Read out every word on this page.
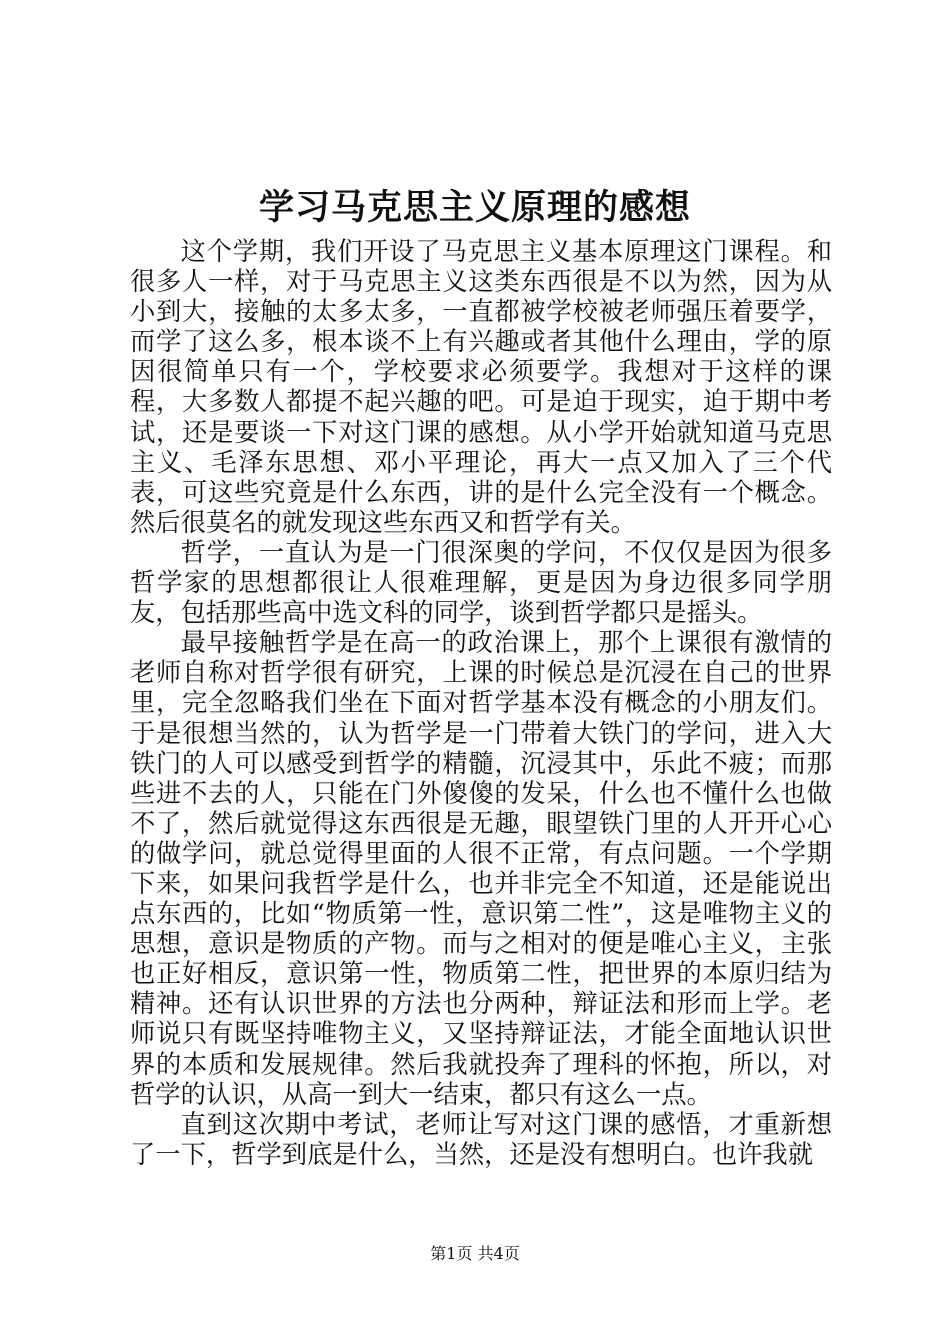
学习马克思主义原理的感想

这个学期，我们开设了马克思主义基本原理这门课程。和很多人一样，对于马克思主义这类东西很是不以为然，因为从小到大，接触的太多太多，一直都被学校被老师强压着要学，而学了这么多，根本谈不上有兴趣或者其他什么理由，学的原因很简单只有一个，学校要求必须要学。我想对于这样的课程，大多数人都提不起兴趣的吧。可是迫于现实，迫于期中考试，还是要谈一下对这门课的感想。从小学开始就知道马克思主义、毛泽东思想、邓小平理论，再大一点又加入了三个代表，可这些究竟是什么东西，讲的是什么完全没有一个概念。然后很莫名的就发现这些东西又和哲学有关。

哲学，一直认为是一门很深奥的学问，不仅仅是因为很多哲学家的思想都很让人很难理解，更是因为身边很多同学朋友，包括那些高中选文科的同学，谈到哲学都只是摇头。

最早接触哲学是在高一的政治课上，那个上课很有激情的老师自称对哲学很有研究，上课的时候总是沉浸在自己的世界里，完全忽略我们坐在下面对哲学基本没有概念的小朋友们。于是很想当然的，认为哲学是一门带着大铁门的学问，进入大铁门的人可以感受到哲学的精髓，沉浸其中，乐此不疲；而那些进不去的人，只能在门外傻傻的发呆，什么也不懂什么也做不了，然后就觉得这东西很是无趣，眼望铁门里的人开开心心的做学问，就总觉得里面的人很不正常，有点问题。一个学期下来，如果问我哲学是什么，也并非完全不知道，还是能说出点东西的，比如“物质第一性，意识第二性”，这是唯物主义的思想，意识是物质的产物。而与之相对的便是唯心主义，主张也正好相反，意识第一性，物质第二性，把世界的本原归结为精神。还有认识世界的方法也分两种，辩证法和形而上学。老师说只有既坚持唯物主义，又坚持辩证法，才能全面地认识世界的本质和发展规律。然后我就投奔了理科的怀抱，所以，对哲学的认识，从高一到大一结束，都只有这么一点。

直到这次期中考试，老师让写对这门课的感悟，才重新想了一下，哲学到底是什么，当然，还是没有想明白。也许我就

第1页 共4页
